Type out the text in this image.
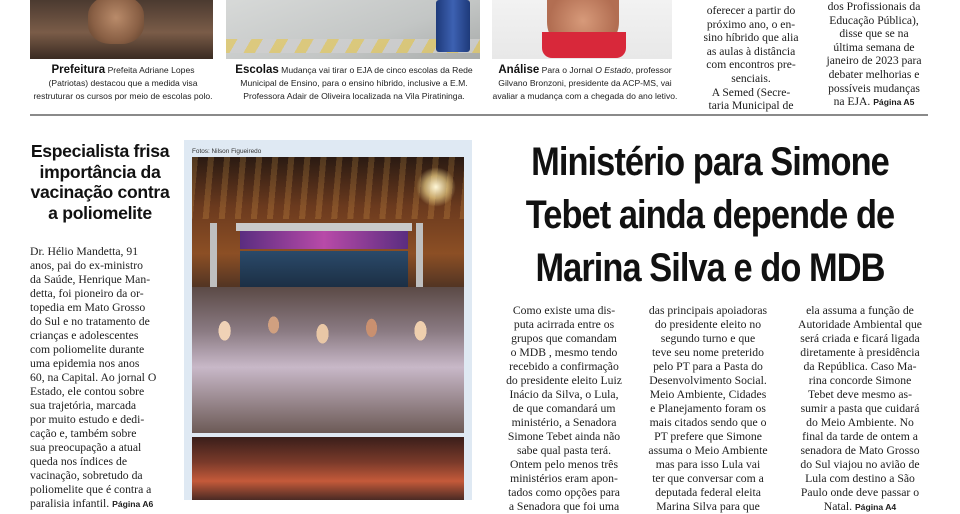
Prefeitura Prefeita Adriane Lopes
(Patriotas) destacou que a medida visa
restruturar os cursos por meio de escolas polo.
Escolas Mudança vai tirar o EJA de cinco escolas da Rede
Municipal de Ensino, para o ensino híbrido, inclusive a E.M.
Professora Adair de Oliveira localizada na Vila Piratininga.
Análise Para o Jornal O Estado, professor
Gilvano Bronzoni, presidente da ACP-MS, vai
avaliar a mudança com a chegada do ano letivo.
oferecer a partir do
próximo ano, o en-
sino híbrido que alia
as aulas à distância
com encontros pre-
senciais.
A Semed (Secre-
taria Municipal de
dos Profissionais da
Educação Pública),
disse que se na
última semana de
janeiro de 2023 para
debater melhorias e
possíveis mudanças
na EJA. Página A5
Especialista frisa
importância da
vacinação contra
a poliomelite
Dr. Hélio Mandetta, 91
anos, pai do ex-ministro
da Saúde, Henrique Man-
detta, foi pioneiro da or-
topedia em Mato Grosso
do Sul e no tratamento de
crianças e adolescentes
com poliomelite durante
uma epidemia nos anos
60, na Capital. Ao jornal O
Estado, ele contou sobre
sua trajetória, marcada
por muito estudo e dedi-
cação e, também sobre
sua preocupação a atual
queda nos índices de
vacinação, sobretudo da
poliomelite que é contra a
paralisia infantil. Página A6
Fotos: Nilson Figueiredo	Ministério para Simone
Tebet ainda depende de
Marina Silva e do MDB
Como existe uma dis-
puta acirrada entre os
grupos que comandam
o MDB , mesmo tendo
recebido a confirmação
do presidente eleito Luiz
Inácio da Silva, o Lula,
de que comandará um
ministério, a Senadora
Simone Tebet ainda não
sabe qual pasta terá.
Ontem pelo menos três
ministérios eram apon-
tados como opções para
a Senadora que foi uma
das principais apoiadoras
do presidente eleito no
segundo turno e que
teve seu nome preterido
pelo PT para a Pasta do
Desenvolvimento Social.
Meio Ambiente, Cidades
e Planejamento foram os
mais citados sendo que o
PT prefere que Simone
assuma o Meio Ambiente
mas para isso Lula vai
ter que conversar com a
deputada federal eleita
Marina Silva para que
ela assuma a função de
Autoridade Ambiental que
será criada e ficará ligada
diretamente à presidência
da República. Caso Ma-
rina concorde Simone
Tebet deve mesmo as-
sumir a pasta que cuidará
do Meio Ambiente. No
final da tarde de ontem a
senadora de Mato Grosso
do Sul viajou no avião de
Lula com destino a São
Paulo onde deve passar o
Natal. Página A4
